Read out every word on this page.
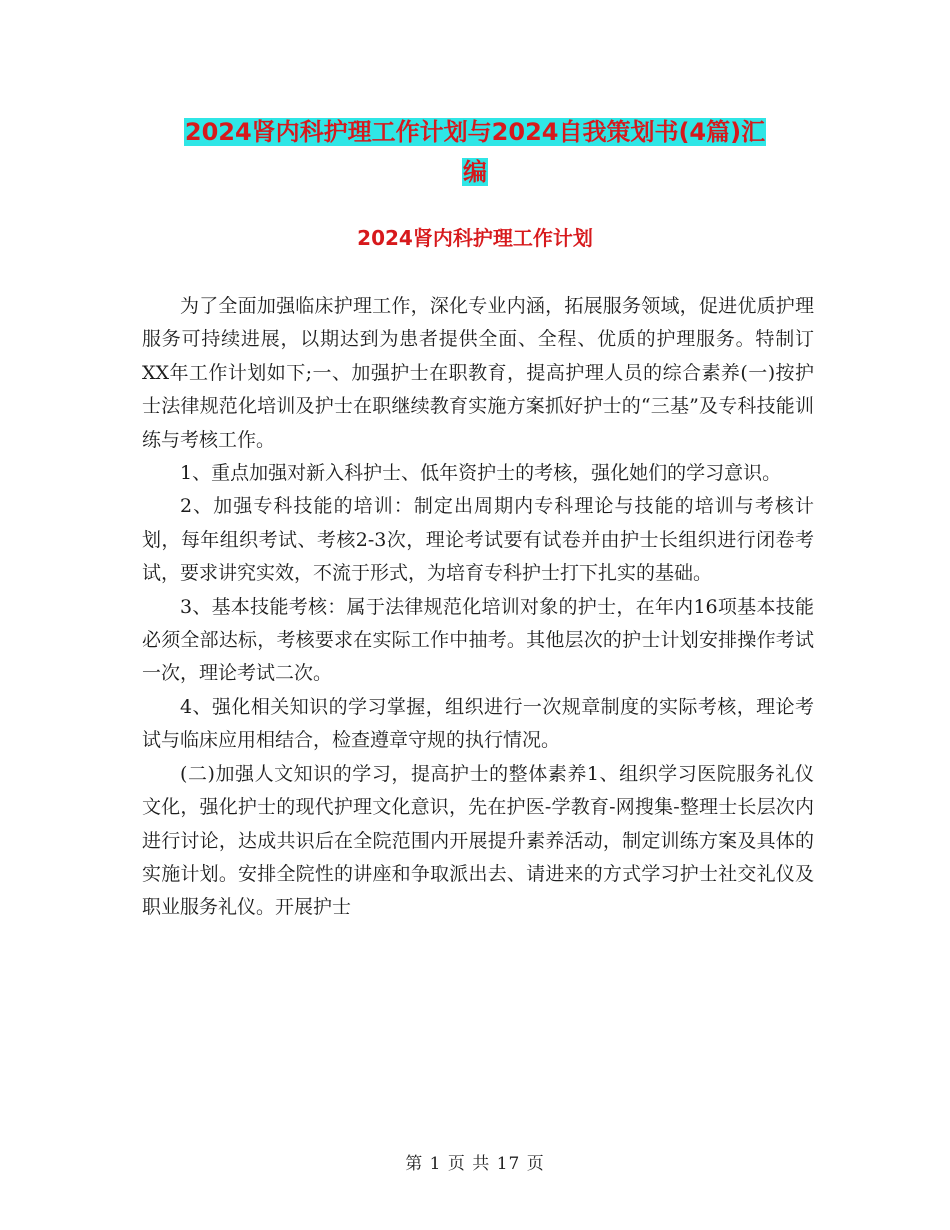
2024肾内科护理工作计划与2024自我策划书(4篇)汇
编
2024肾内科护理工作计划

为了全面加强临床护理工作，深化专业内涵，拓展服务领域，促进优质护理服务可持续进展，以期达到为患者提供全面、全程、优质的护理服务。特制订XX年工作计划如下;一、加强护士在职教育，提高护理人员的综合素养(一)按护士法律规范化培训及护士在职继续教育实施方案抓好护士的“三基”及专科技能训练与考核工作。

1、重点加强对新入科护士、低年资护士的考核，强化她们的学习意识。

2、加强专科技能的培训：制定出周期内专科理论与技能的培训与考核计划，每年组织考试、考核2-3次，理论考试要有试卷并由护士长组织进行闭卷考试，要求讲究实效，不流于形式，为培育专科护士打下扎实的基础。

3、基本技能考核：属于法律规范化培训对象的护士，在年内16项基本技能必须全部达标，考核要求在实际工作中抽考。其他层次的护士计划安排操作考试一次，理论考试二次。

4、强化相关知识的学习掌握，组织进行一次规章制度的实际考核，理论考试与临床应用相结合，检查遵章守规的执行情况。

(二)加强人文知识的学习，提高护士的整体素养1、组织学习医院服务礼仪文化，强化护士的现代护理文化意识，先在护医-学教育-网搜集-整理士长层次内进行讨论，达成共识后在全院范围内开展提升素养活动，制定训练方案及具体的实施计划。安排全院性的讲座和争取派出去、请进来的方式学习护士社交礼仪及职业服务礼仪。开展护士

第 1 页 共 17 页
